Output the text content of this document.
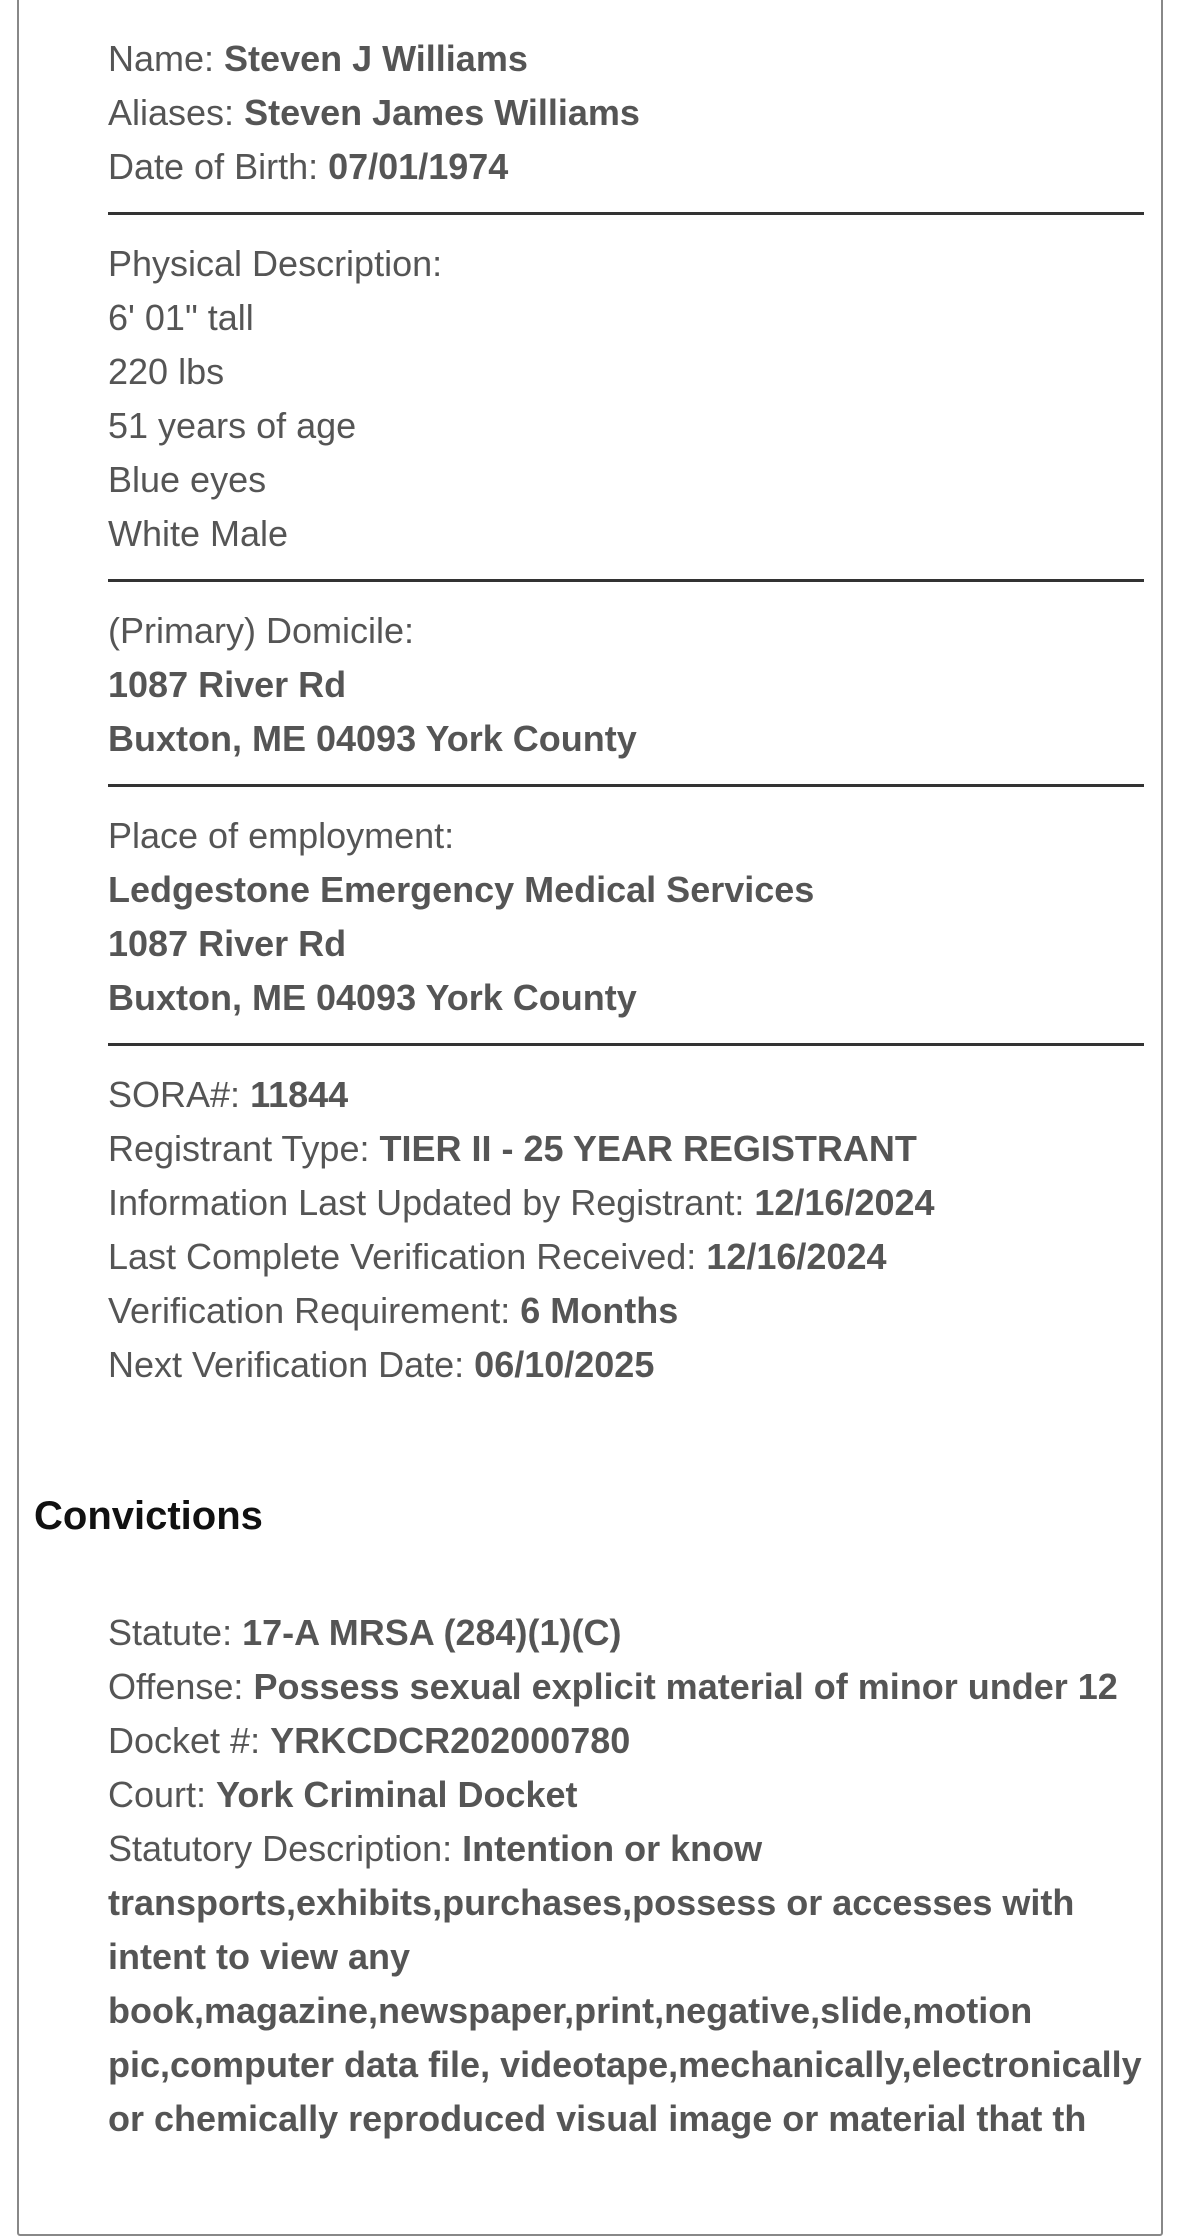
Name: Steven J Williams
Aliases: Steven James Williams
Date of Birth: 07/01/1974
Physical Description:
6' 01" tall
220 lbs
51 years of age
Blue eyes
White Male
(Primary) Domicile:
1087 River Rd
Buxton, ME 04093 York County
Place of employment:
Ledgestone Emergency Medical Services
1087 River Rd
Buxton, ME 04093 York County
SORA#: 11844
Registrant Type: TIER II - 25 YEAR REGISTRANT
Information Last Updated by Registrant: 12/16/2024
Last Complete Verification Received: 12/16/2024
Verification Requirement: 6 Months
Next Verification Date: 06/10/2025
Convictions
Statute: 17-A MRSA (284)(1)(C)
Offense: Possess sexual explicit material of minor under 12
Docket #: YRKCDCR202000780
Court: York Criminal Docket
Statutory Description: Intention or know transports,exhibits,purchases,possess or accesses with intent to view any book,magazine,newspaper,print,negative,slide,motion pic,computer data file, videotape,mechanically,electronically or chemically reproduced visual image or material that th
